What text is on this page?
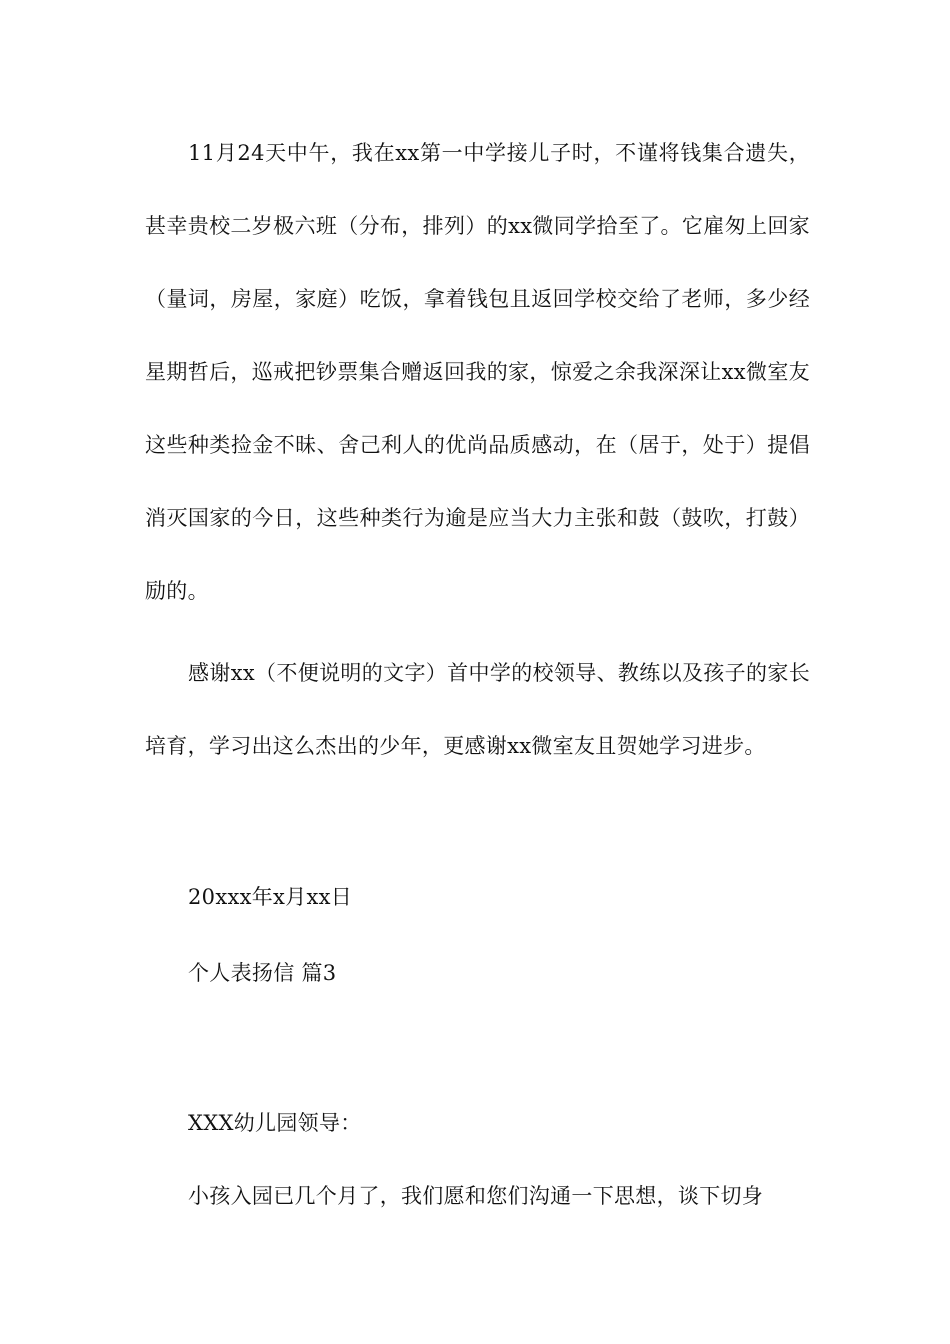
11月24天中午，我在xx第一中学接儿子时，不谨将钱集合遗失，甚幸贵校二岁极六班（分布，排列）的xx微同学拾至了。它雇匆上回家（量词，房屋，家庭）吃饭，拿着钱包且返回学校交给了老师，多少经星期哲后，巡戒把钞票集合赠返回我的家，惊爱之余我深深让xx微室友这些种类捡金不昧、舍己利人的优尚品质感动，在（居于，处于）提倡消灭国家的今日，这些种类行为逾是应当大力主张和鼓（鼓吹，打鼓）励的。

感谢xx（不便说明的文字）首中学的校领导、教练以及孩子的家长培育，学习出这么杰出的少年，更感谢xx微室友且贺她学习进步。

20xxx年x月xx日

个人表扬信 篇3

XXX幼儿园领导：

小孩入园已几个月了，我们愿和您们沟通一下思想，谈下切身
